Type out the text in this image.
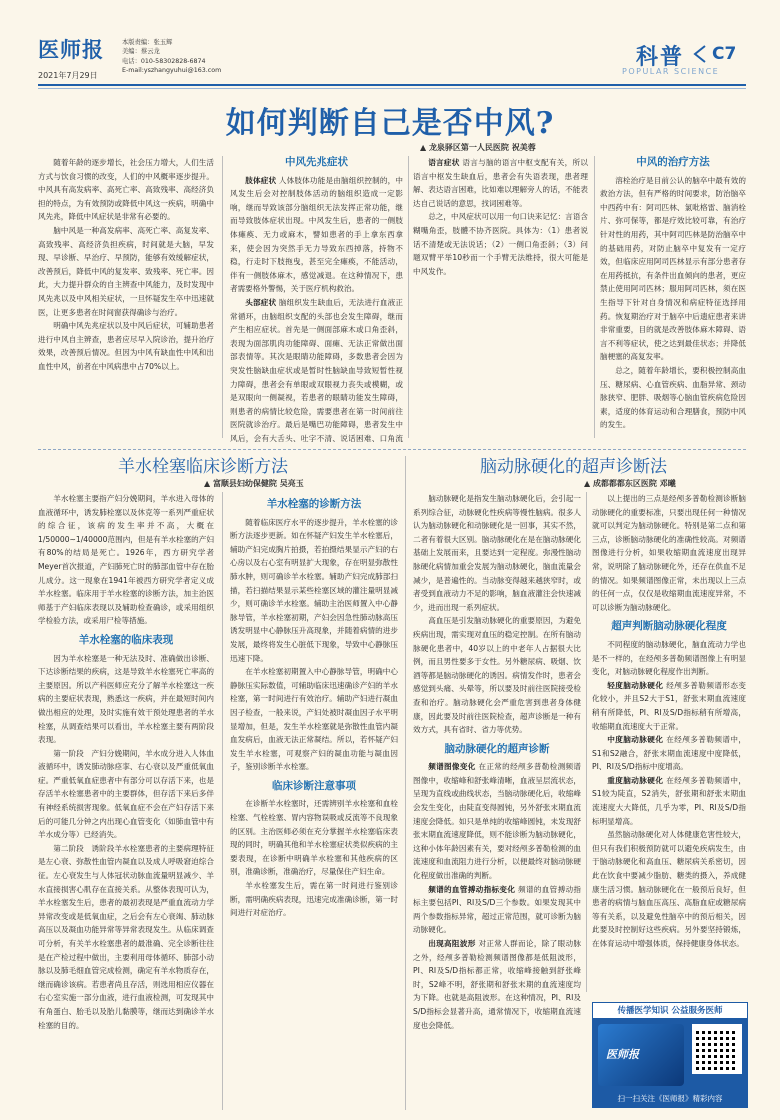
医师报
2021年7月29日
本版责编：张玉辉
美编：蔡云龙
电话：010-58302828-6874
E-mail:yszhangyuhui@163.com
科普
POPULAR SCIENCE
C7
如何判断自己是否中风?
▲ 龙泉驿区第一人民医院 祝美蓉

随着年龄的逐步增长，社会压力增大，人们生活方式与饮食习惯的改变，人们的中风概率逐步提升。中风具有高发病率、高死亡率、高致残率、高经济负担的特点，为有效预防或降低中风这一疾病，明确中风先兆，降低中风症状是非常有必要的。

脑中风是一种高发病率、高死亡率、高复发率、高致残率、高经济负担疾病，时间就是大脑，早发现、早诊断、早治疗、早预防，能够有效缓解症状，改善预后，降低中风的复发率、致残率、死亡率。因此，大力提升群众的自主辨查中风能力，及时发现中风先兆以及中风相关症状，一旦怀疑发生卒中迅速就医，让更多患者在时间窗获得确诊与治疗。

明确中风先兆症状以及中风后症状，可辅助患者进行中风自主辨查，患者应尽早入院诊治，提升治疗效果，改善预后情况。但因为中风有缺血性中风和出血性中风，前者在中风病患中占70%以上。

中风先兆症状

肢体症状 人体肢体功能是由脑组织控制的，中风发生后会对控制肢体活动的脑组织造成一定影响，继而导致该部分脑组织无法发挥正常功能，继而导致肢体症状出现。中风发生后，患者的一侧肢体瘫痪、无力或麻木，譬如患者的手上拿东西拿来，使会因为突然手无力导致东西掉落，持物不稳，行走时下肢拖曳，甚至完全瘫痪，不能活动，伴有一侧肢体麻木，感觉减退。在这种情况下，患者需要格外警惕，关于医疗机构救治。

头部症状 脑组织发生缺血后，无法进行血液正常循环，由脑组织支配的头部也会发生障碍，继而产生相应症状。首先是一侧面部麻木或口角歪斜，表现为面部肌肉功能障碍、面瘫、无法正常做出面部表情等。其次是眼睛功能障碍，多数患者会因为突发性脑缺血症状或是暂时性脑缺血导致短暂性视力障碍，患者会有单眼或双眼视力丧失或模糊，或是双眼向一侧凝视，若患者的眼睛功能发生障碍，则患者的病情比较危险，需要患者在第一时间前往医院就诊治疗。最后是嘴巴功能障碍，患者发生中风后，会有大舌头、吐字不清、说话困难、口角流

语言症状 语言与脑的语言中枢支配有关，所以语言中枢发生缺血后，患者会有失语表现，患者理解、表达语言困难，比如难以理解旁人的话，不能表达自己说话的意思，找词困难等。

总之，中风症状可以用一句口诀来记忆：言语含糊嘴角歪，肢體不协齐医院。具体为：（1）患者说话不清楚或无法说话；（2）一侧口角歪斜；（3）问题双臂平举10秒而一个手臂无法维持，很大可能是中风发作。

中风的治疗方法

溶栓治疗是目前公认的脑卒中最有效的救治方法，但有严格的时间要求，防治脑卒中西药中有：阿司匹林、氯吡格雷、脑消栓片、弥可保等，都是疗效比较可靠，有治疗针对性的用药，其中阿司匹林是防治脑卒中的基础用药，对防止脑卒中复发有一定疗效，但临床应用阿司匹林显示有部分患者存在用药抵抗，有条件出血倾向的患者，更应禁止使用阿司匹林；服用阿司匹林，须在医生指导下针对自身情况和病症特征选择用药。恢复期治疗对于脑卒中后遗症患者来讲非常重要，目的就是改善肢体麻木障碍、语言不利等症状，使之达到最佳状态；并降低脑梗塞的高复发率。

总之，随着年龄增长，要积极控制高血压、糖尿病、心血管疾病、血脂异常、颈动脉狭窄、肥胖、吸烟等心脑血管疾病危险因素，适度的体育运动和合理膳食，预防中风的发生。

羊水栓塞临床诊断方法
▲ 富顺县妇幼保健院 吴亮玉

羊水栓塞主要指产妇分娩期间，羊水进入母体的血液循环中，诱发肺栓塞以及休克等一系列严重症状的综合征，该病的发生率并不高，大概在1/50000~1/40000范围内，但是有羊水栓塞的产妇有80%的结局是死亡。1926年，西方研究学者Meyer首次报道，产妇肺死亡时的肺部血管中存在胎儿成分。这一现象在1941年被西方研究学者定义成羊水栓塞。临床用于羊水栓塞的诊断方法，加主治医师基于产妇临床表现以及辅助检查确诊，或采用组织学检验方法，或采用尸检等措施。

羊水栓塞的临床表现

因为羊水栓塞是一种无法及时、准确做出诊断、下达诊断结果的疾病，这是导致羊水栓塞死亡率高的主要原因。所以产科医师应充分了解羊水栓塞这一疾病的主要症状表现，熟悉这一疾病，并在最短时间内做出相应的处理，及时实施有效干预处理患者的羊水栓塞，从调查结果可以看出，羊水栓塞主要有两阶段表现。

第一阶段　产妇分娩期间，羊水成分进入人体血液循环中，诱发肺动脉痉挛、右心衰以及严重低氧血症。严重低氧血症患者中有部分可以存活下来，也是存活羊水栓塞患者中的主要群体，但存活下来后多伴有神经系统损害现象。低氧血症不会在产妇存活下来后的可能几分钟之内出现心血管变化（如肺血管中有羊水成分等）已经消失。

第二阶段　诱阶段羊水栓塞患者的主要病理特征是左心衰、弥散性血管内凝血以及成人呼吸窘迫综合征。左心衰发生与人体冠状动脉血流量明显减少、羊水直接损害心肌存在直接关系。从整体表现可认为，羊水栓塞发生后，患者的最初表现是严重血流动力学异常改变或是低氧血症，之后会有左心衰竭、肺动脉高压以及凝血功能异常等异常表现发生。从临床调查可分析，有关羊水栓塞患者的最准确、完全诊断往往是在产检过程中做出，主要利用母体循环、肺部小动脉以及肺毛细血管完成检测，确定有羊水物质存在，继而确诊该病。若患者尚且存活，则选用相应仪器在右心室实施一部分血液，进行血液检测，可发现其中有角蛋白、胎毛以及胎儿黏膜等，继而达到确诊羊水栓塞的目的。

羊水栓塞的诊断方法

随着临床医疗水平的逐步提升，羊水栓塞的诊断方法逐步更新。如在怀疑产妇发生羊水栓塞后，辅助产妇完成胸片拍摄，若拍摄结果显示产妇的右心房以及右心室有明显扩大现象，存在明显弥散性肺水肿，则可确诊羊水栓塞。辅助产妇完成肺部扫描，若扫描结果显示某些栓塞区域的灌注量明显减少，则可确诊羊水栓塞。辅助主治医师置入中心静脉导管，羊水栓塞初期，产妇会因急性肺动脉高压诱发明显中心静脉压升高现象，并随着病情的进步发展，最终将发生心脏低下现象，导致中心静脉压迅速下降。

在羊水栓塞初期置入中心静脉导管，明确中心静脉压实际数值，可辅助临床迅速确诊产妇的羊水栓塞，第一时间进行有效治疗。辅助产妇进行凝血因子检查，一般来说，产妇处被时凝血因子水平明显增加，但是，发生羊水栓塞就是弥散性血管内凝血发病后，血液无法正常凝结。所以，若怀疑产妇发生羊水栓塞，可观察产妇的凝血功能与凝血因子，鉴别诊断羊水栓塞。

临床诊断注意事项

在诊断羊水栓塞时，还需辨别羊水栓塞和血栓栓塞、气栓栓塞、胃内容物误吸或反流等不良现象的区别。主治医师必须在充分掌握羊水栓塞临床表现的同时，明确其他和羊水栓塞症状类似疾病的主要表现，在诊断中明确羊水栓塞和其他疾病的区别，准确诊断，准确治疗，尽量保住产妇生命。

羊水栓塞发生后，需在第一时间进行鉴别诊断，需明确疾病表现，迅速完成准确诊断，第一时间进行对症治疗。

脑动脉硬化的超声诊断法
▲ 成都都都东区医院 邓曦

脑动脉硬化是指发生脑动脉硬化后，会引起一系列综合征，动脉硬化性疾病等慢性脑病。很多人认为脑动脉硬化和动脉硬化是一回事，其实不然，二者有着很大区别。脑动脉硬化在是在脑动脉硬化基础上发展而来，且要达到一定程度。弥漫性脑动脉硬化病情加重会发展为脑动脉硬化，脑血流量会减少，是普遍性的。当动脉变得越来越狭窄时，或者受到血液动力不足的影响，脑血液灌注会快速减少，进而出现一系列症状。

高血压是引发脑动脉硬化的重要原因，为避免疾病出现，需实现对血压的稳定控制。在所有脑动脉硬化患者中，40岁以上的中老年人占据很大比例，而且男性要多于女性。另外糖尿病、吸烟、饮酒等都是脑动脉硬化的诱因。病情发作时，患者会感觉到头痛、头晕等，所以要及时前往医院接受检查和治疗。脑动脉硬化会严重危害到患者身体健康，因此要及时前往医院检查，超声诊断是一种有效方式，具有省时、省力等优势。

脑动脉硬化的超声诊断

频谱图像变化 在正常的经颅多普勒检测频谱图像中，收缩峰和舒张峰清晰，血液呈层流状态，呈现为直线或曲线状态，当脑动脉硬化后，收缩峰会发生变化，由陡直变得圆钝，另外舒张末期血流速度会降低。如只是单纯的收缩峰圆钝，未发现舒张末期血流速度降低，则不能诊断为脑动脉硬化，这种小体年龄因素有关，要对经颅多普勒检测的血流速度和血流阻力进行分析，以便最终对脑动脉硬化程度做出准确的判断。

频谱的血管搏动指标变化 频谱的血管搏动指标主要包括PI、RI及S/D三个参数。如果发现其中两个参数指标异常，超过正常范围，就可诊断为脑动脉硬化。

出现高阻波形 对正常人群而论，除了眼动脉之外，经颅多普勒检测频谱图像都是低阻波形，PI、RI及S/D指标都正常，收缩峰接触到舒张峰时，S2峰不明，舒张期和舒张末期的血流速度均为下降。也就是高阻波形。在这种情况，PI、RI及S/D指标会显著升高，通常情况下，收缩期血流速度也会降低。

以上提出的三点是经颅多普勒检测诊断脑动脉硬化的重要标准，只要出现任何一种情况就可以判定为脑动脉硬化。特别是第二点和第三点，诊断脑动脉硬化的准确性较高。对频谱图像进行分析，如果收缩期血流速度出现异常，说明除了脑动脉硬化外，还存在供血不足的情况。如果频谱图像正常，未出现以上三点的任何一点，仅仅是收缩期血流速度异常，不可以诊断为脑动脉硬化。

超声判断脑动脉硬化程度

不同程度的脑动脉硬化，脑血流动力学也是不一样的，在经颅多普勒频谱图像上有明显变化，对脑动脉硬化程度作出判断。

轻度脑动脉硬化 经颅多普勒频谱形态变化较小，并且S2大于S1，舒张末期血流速度稍有所降低，PI、RI及S/D指标稍有所增高，收缩期血流速度大于正常。

中度脑动脉硬化 在经颅多普勒频谱中，S1和S2融合，舒张末期血流速度中度降低，PI、RI及S/D指标中度增高。

重度脑动脉硬化 在经颅多普勒频谱中，S1较为陡直，S2消失，舒张期和舒张末期血流速度大大降低，几乎为零，PI、RI及S/D指标明显增高。

虽然脑动脉硬化对人体健康危害性较大，但只有我们积极预防就可以避免疾病发生，由于脑动脉硬化和高血压、糖尿病关系密切，因此在饮食中要减少脂肪、糖类的摄入，养成健康生活习惯。脑动脉硬化在一般预后良好，但患者的病情与脑血压高压、高脂血症或糖尿病等有关系，以及避免性脑卒中的预后相关，因此要及时控制好这些疾病。另外要坚持锻炼，在体育运动中增强体质，保持健康身体状态。

传播医学知识 公益服务医师
医师报
扫一扫关注《医师报》精彩内容
